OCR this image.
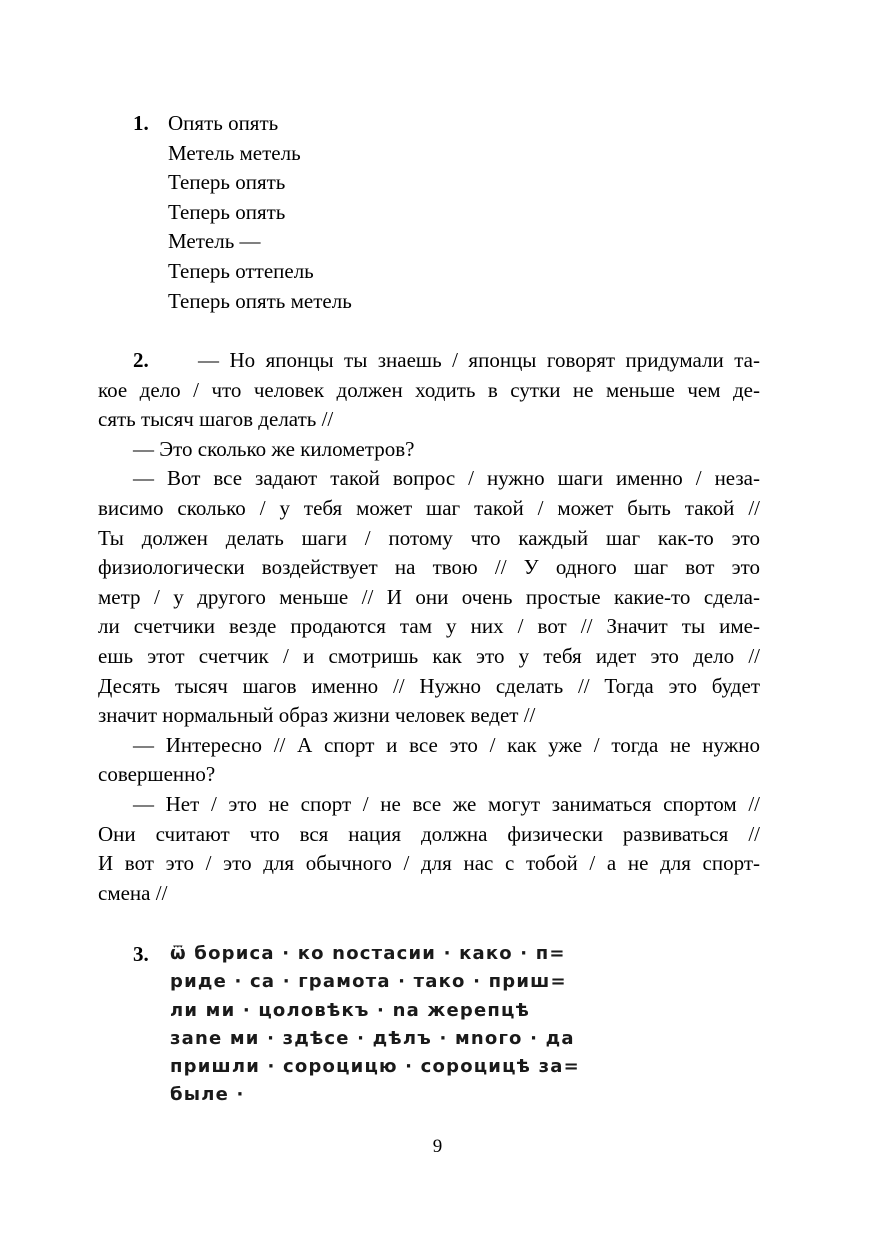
1. Опять опять
Метель метель
Теперь опять
Теперь опять
Метель —
Теперь оттепель
Теперь опять метель
2.	— Но японцы ты знаешь / японцы говорят придумали та-
кое дело / что человек должен ходить в сутки не меньше чем де-
сять тысяч шагов делать //
— Это сколько же километров?
— Вот все задают такой вопрос / нужно шаги именно / неза-
висимо сколько / у тебя может шаг такой / может быть такой //
Ты должен делать шаги / потому что каждый шаг как-то это
физиологически воздействует на твою // У одного шаг вот это
метр / у другого меньше // И они очень простые какие-то сдела-
ли счетчики везде продаются там у них / вот // Значит ты име-
ешь этот счетчик / и смотришь как это у тебя идет это дело //
Десять тысяч шагов именно // Нужно сделать // Тогда это будет
значит нормальный образ жизни человек ведет //
— Интересно // А спорт и все это / как уже / тогда не нужно
совершенно?
— Нет / это не спорт / не все же могут заниматься спортом //
Они считают что вся нация должна физически развиваться //
И вот это / это для обычного / для нас с тобой / а не для спорт-
смена //
3. ѿ бориса · ко nостасии · како · п=
риде · са · грамота · тако · приш=
ли ми · цоловѣкъ · nа жерепцѣ
заnе ми · здѣсе · дѣлъ · мnого · да
пришли · сороцицю · сороцицѣ за=
быле ·
9
